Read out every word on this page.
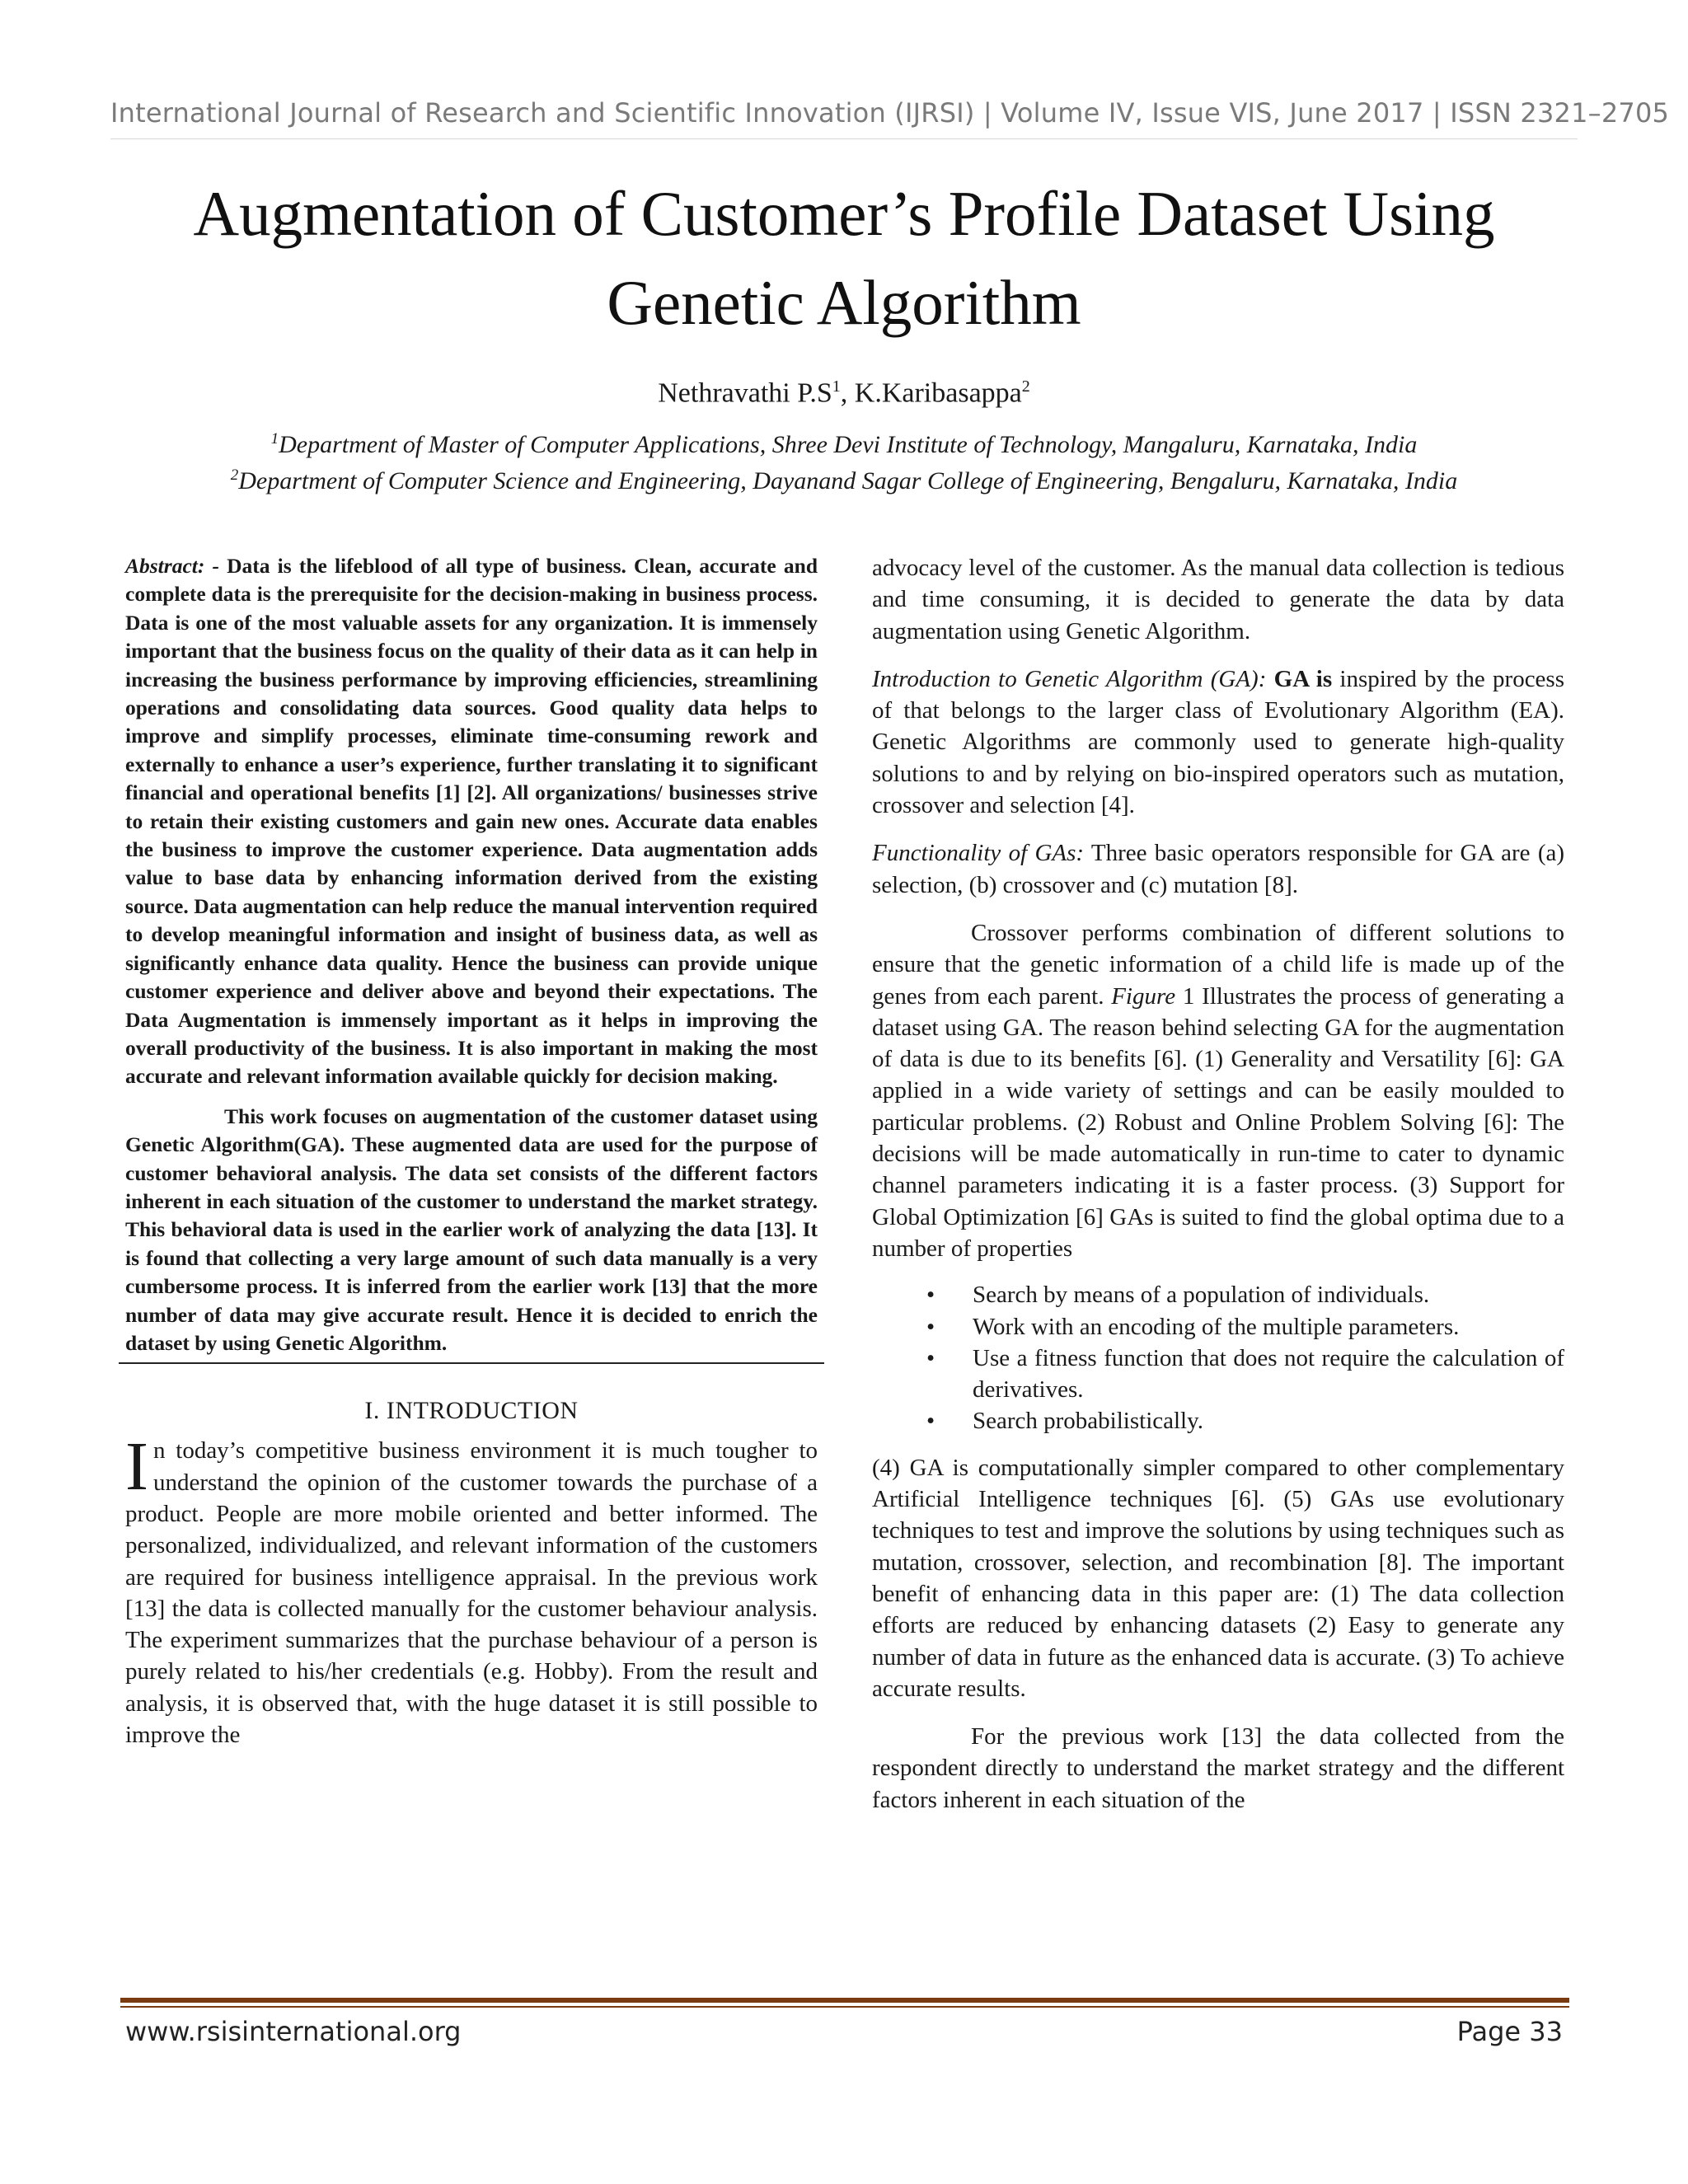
International Journal of Research and Scientific Innovation (IJRSI) | Volume IV, Issue VIS, June 2017 | ISSN 2321–2705
Augmentation of Customer’s Profile Dataset Using
Genetic Algorithm
Nethravathi $P.S^1$, K.Karibasappa$^2$
$^1$Department of Master of Computer Applications, Shree Devi Institute of Technology, Mangaluru, Karnataka, India
$^2$Department of Computer Science and Engineering, Dayanand Sagar College of Engineering, Bengaluru, Karnataka, India

Abstract: - Data is the lifeblood of all type of business. Clean, accurate and complete data is the prerequisite for the decision-making in business process. Data is one of the most valuable assets for any organization. It is immensely important that the business focus on the quality of their data as it can help in increasing the business performance by improving efficiencies, streamlining operations and consolidating data sources. Good quality data helps to improve and simplify processes, eliminate time-consuming rework and externally to enhance a user’s experience, further translating it to significant financial and operational benefits [1] [2]. All organizations/ businesses strive to retain their existing customers and gain new ones. Accurate data enables the business to improve the customer experience. Data augmentation adds value to base data by enhancing information derived from the existing source. Data augmentation can help reduce the manual intervention required to develop meaningful information and insight of business data, as well as significantly enhance data quality. Hence the business can provide unique customer experience and deliver above and beyond their expectations. The Data Augmentation is immensely important as it helps in improving the overall productivity of the business. It is also important in making the most accurate and relevant information available quickly for decision making.

This work focuses on augmentation of the customer dataset using Genetic Algorithm(GA). These augmented data are used for the purpose of customer behavioral analysis. The data set consists of the different factors inherent in each situation of the customer to understand the market strategy. This behavioral data is used in the earlier work of analyzing the data [13]. It is found that collecting a very large amount of such data manually is a very cumbersome process. It is inferred from the earlier work [13] that the more number of data may give accurate result. Hence it is decided to enrich the dataset by using Genetic Algorithm.

I. INTRODUCTION

In today’s competitive business environment it is much tougher to understand the opinion of the customer towards the purchase of a product. People are more mobile oriented and better informed. The personalized, individualized, and relevant information of the customers are required for business intelligence appraisal. In the previous work [13] the data is collected manually for the customer behaviour analysis. The experiment summarizes that the purchase behaviour of a person is purely related to his/her credentials (e.g. Hobby). From the result and analysis, it is observed that, with the huge dataset it is still possible to improve the

advocacy level of the customer. As the manual data collection is tedious and time consuming, it is decided to generate the data by data augmentation using Genetic Algorithm.

Introduction to Genetic Algorithm (GA): GA is inspired by the process of that belongs to the larger class of Evolutionary Algorithm (EA). Genetic Algorithms are commonly used to generate high-quality solutions to and by relying on bio-inspired operators such as mutation, crossover and selection [4].

Functionality of GAs: Three basic operators responsible for GA are (a) selection, (b) crossover and (c) mutation [8].

Crossover performs combination of different solutions to ensure that the genetic information of a child life is made up of the genes from each parent. Figure 1 Illustrates the process of generating a dataset using GA. The reason behind selecting GA for the augmentation of data is due to its benefits [6]. (1) Generality and Versatility [6]: GA applied in a wide variety of settings and can be easily moulded to particular problems. (2) Robust and Online Problem Solving [6]: The decisions will be made automatically in run-time to cater to dynamic channel parameters indicating it is a faster process. (3) Support for Global Optimization [6] GAs is suited to find the global optima due to a number of properties

• Search by means of a population of individuals.
• Work with an encoding of the multiple parameters.
• Use a fitness function that does not require the calculation of derivatives.
• Search probabilistically.

(4) GA is computationally simpler compared to other complementary Artificial Intelligence techniques [6]. (5) GAs use evolutionary techniques to test and improve the solutions by using techniques such as mutation, crossover, selection, and recombination [8]. The important benefit of enhancing data in this paper are: (1) The data collection efforts are reduced by enhancing datasets (2) Easy to generate any number of data in future as the enhanced data is accurate. (3) To achieve accurate results.

For the previous work [13] the data collected from the respondent directly to understand the market strategy and the different factors inherent in each situation of the

www.rsisinternational.org	Page 33
